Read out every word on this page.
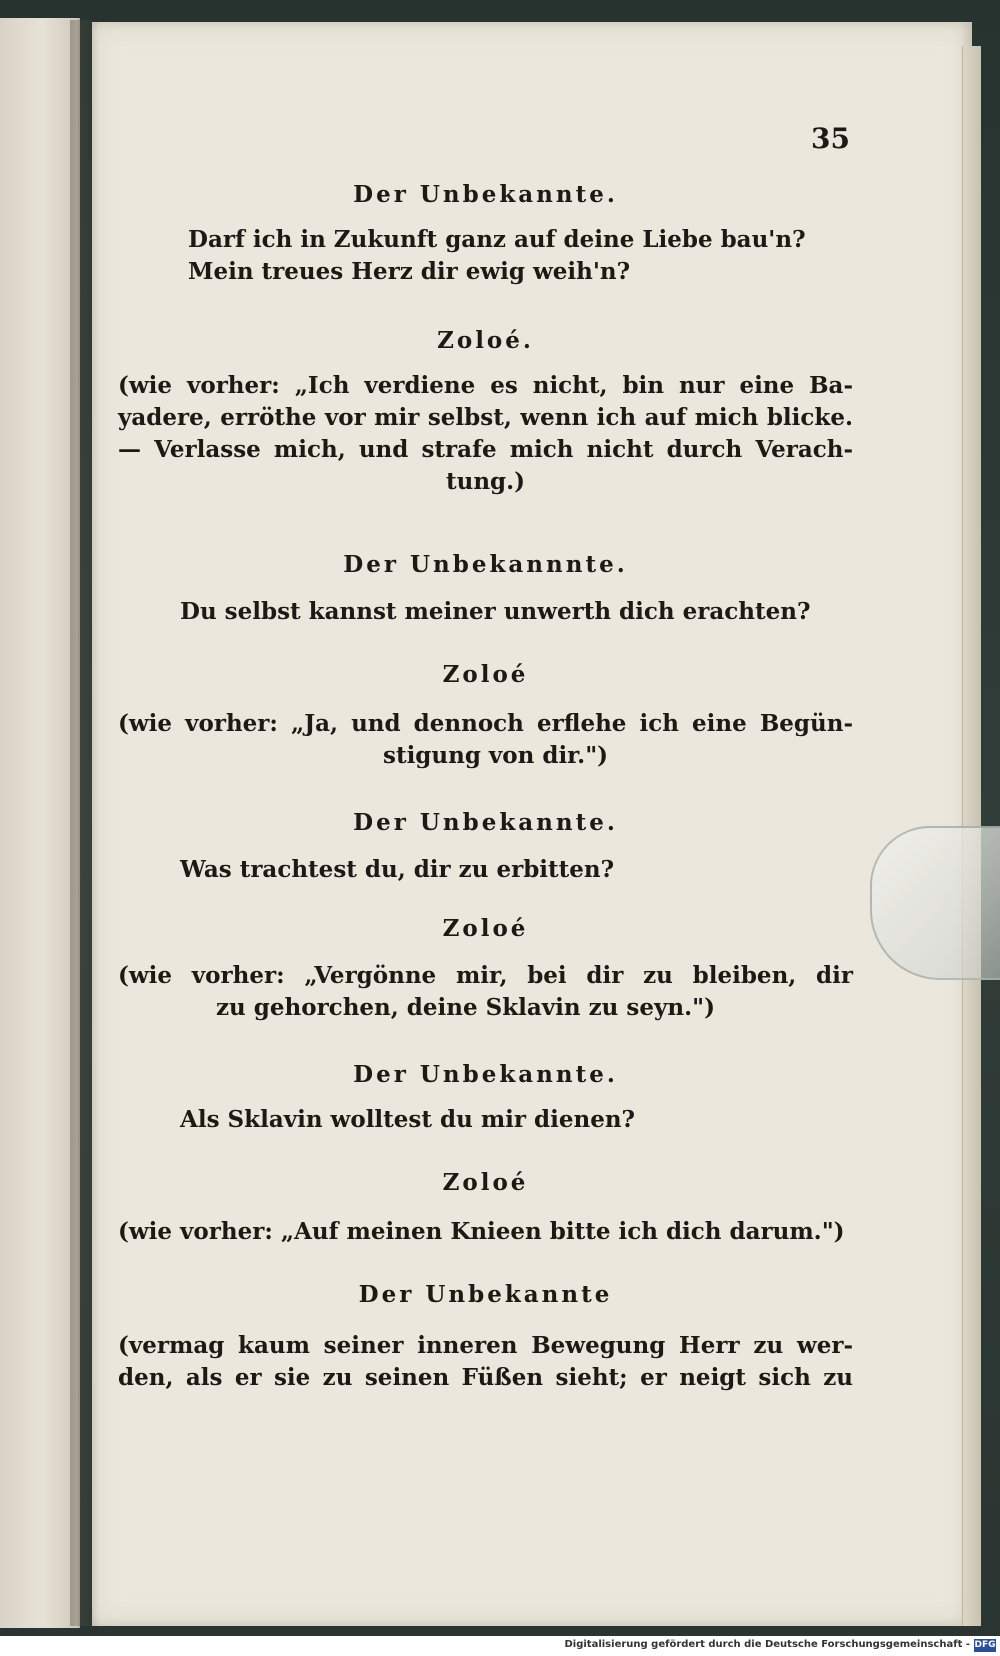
35
Der Unbekannte.
Darf ich in Zukunft ganz auf deine Liebe bau'n?
Mein treues Herz dir ewig weih'n?
Zoloé.
(wie vorher: „Ich verdiene es nicht, bin nur eine Ba-
yadere, erröthe vor mir selbst, wenn ich auf mich blicke.
— Verlasse mich, und strafe mich nicht durch Verach-
tung.)
Der Unbekannnte.
Du selbst kannst meiner unwerth dich erachten?
Zoloé
(wie vorher: „Ja, und dennoch erflehe ich eine Begün-
stigung von dir.")
Der Unbekannte.
Was trachtest du, dir zu erbitten?
Zoloé
(wie vorher: „Vergönne mir, bei dir zu bleiben, dir
zu gehorchen, deine Sklavin zu seyn.")
Der Unbekannte.
Als Sklavin wolltest du mir dienen?
Zoloé
(wie vorher: „Auf meinen Knieen bitte ich dich darum.")
Der Unbekannte
(vermag kaum seiner inneren Bewegung Herr zu wer-
den, als er sie zu seinen Füßen sieht; er neigt sich zu
Digitalisierung gefördert durch die Deutsche Forschungsgemeinschaft - DFG
